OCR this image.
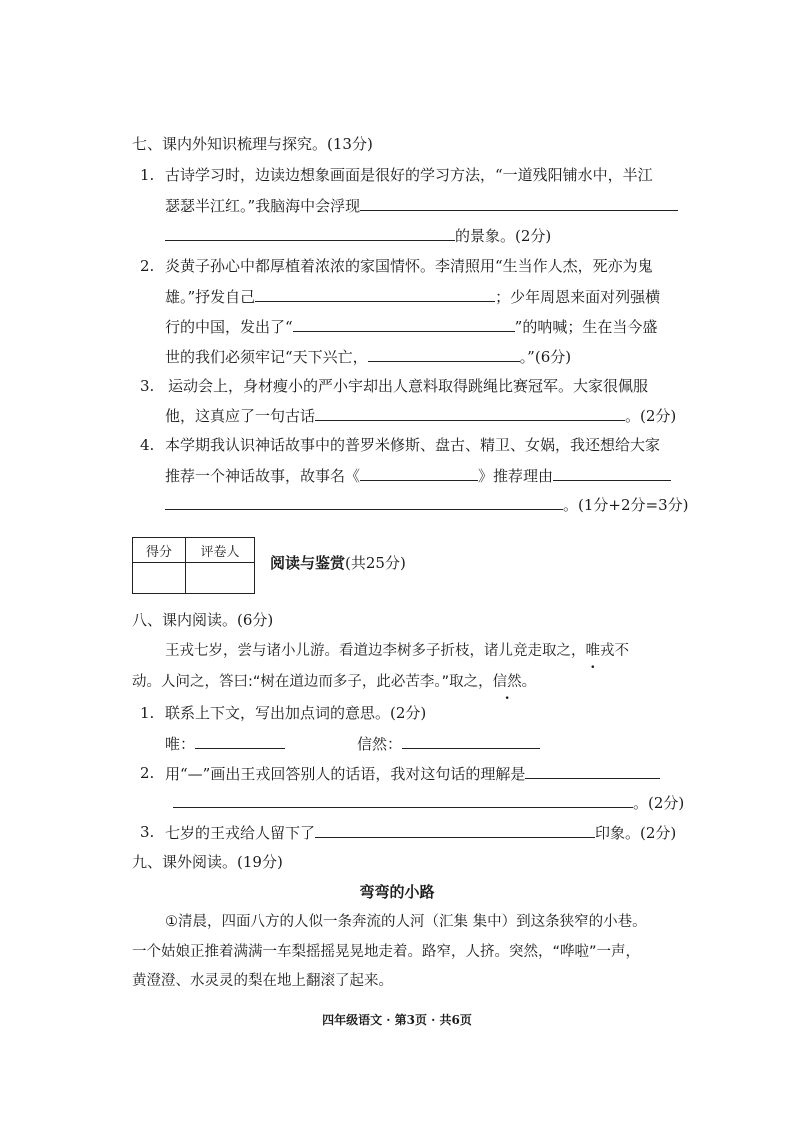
七、课内外知识梳理与探究。(13分)
1. 古诗学习时，边读边想象画面是很好的学习方法，“一道残阳铺水中，半江
瑟瑟半江红。”我脑海中会浮现
的景象。(2分)
2. 炎黄子孙心中都厚植着浓浓的家国情怀。李清照用“生当作人杰，死亦为鬼
雄。”抒发自己	；少年周恩来面对列强横
行的中国，发出了“	”的呐喊；生在当今盛
世的我们必须牢记“天下兴亡，	。”(6分)
3. 运动会上，身材瘦小的严小宇却出人意料取得跳绳比赛冠军。大家很佩服
他，这真应了一句古话	。(2分)
4. 本学期我认识神话故事中的普罗米修斯、盘古、精卫、女娲，我还想给大家
推荐一个神话故事，故事名《	》推荐理由
。(1分+2分=3分)
得分	评卷人

阅读与鉴赏(共25分)
八、课内阅读。(6分)
王戎七岁，尝与诸小儿游。看道边李树多子折枝，诸儿竞走取之，唯戎不
动。人问之，答曰:“树在道边而多子，此必苦李。”取之，信然。
1. 联系上下文，写出加点词的意思。(2分)
唯：	信然：
2. 用“—”画出王戎回答别人的话语，我对这句话的理解是
。(2分)
3. 七岁的王戎给人留下了	印象。(2分)
九、课外阅读。(19分)
弯弯的小路
①清晨，四面八方的人似一条奔流的人河（汇集 集中）到这条狭窄的小巷。
一个姑娘正推着满满一车梨摇摇晃晃地走着。路窄，人挤。突然，“哗啦”一声，
黄澄澄、水灵灵的梨在地上翻滚了起来。
四年级语文 · 第3页 · 共6页
